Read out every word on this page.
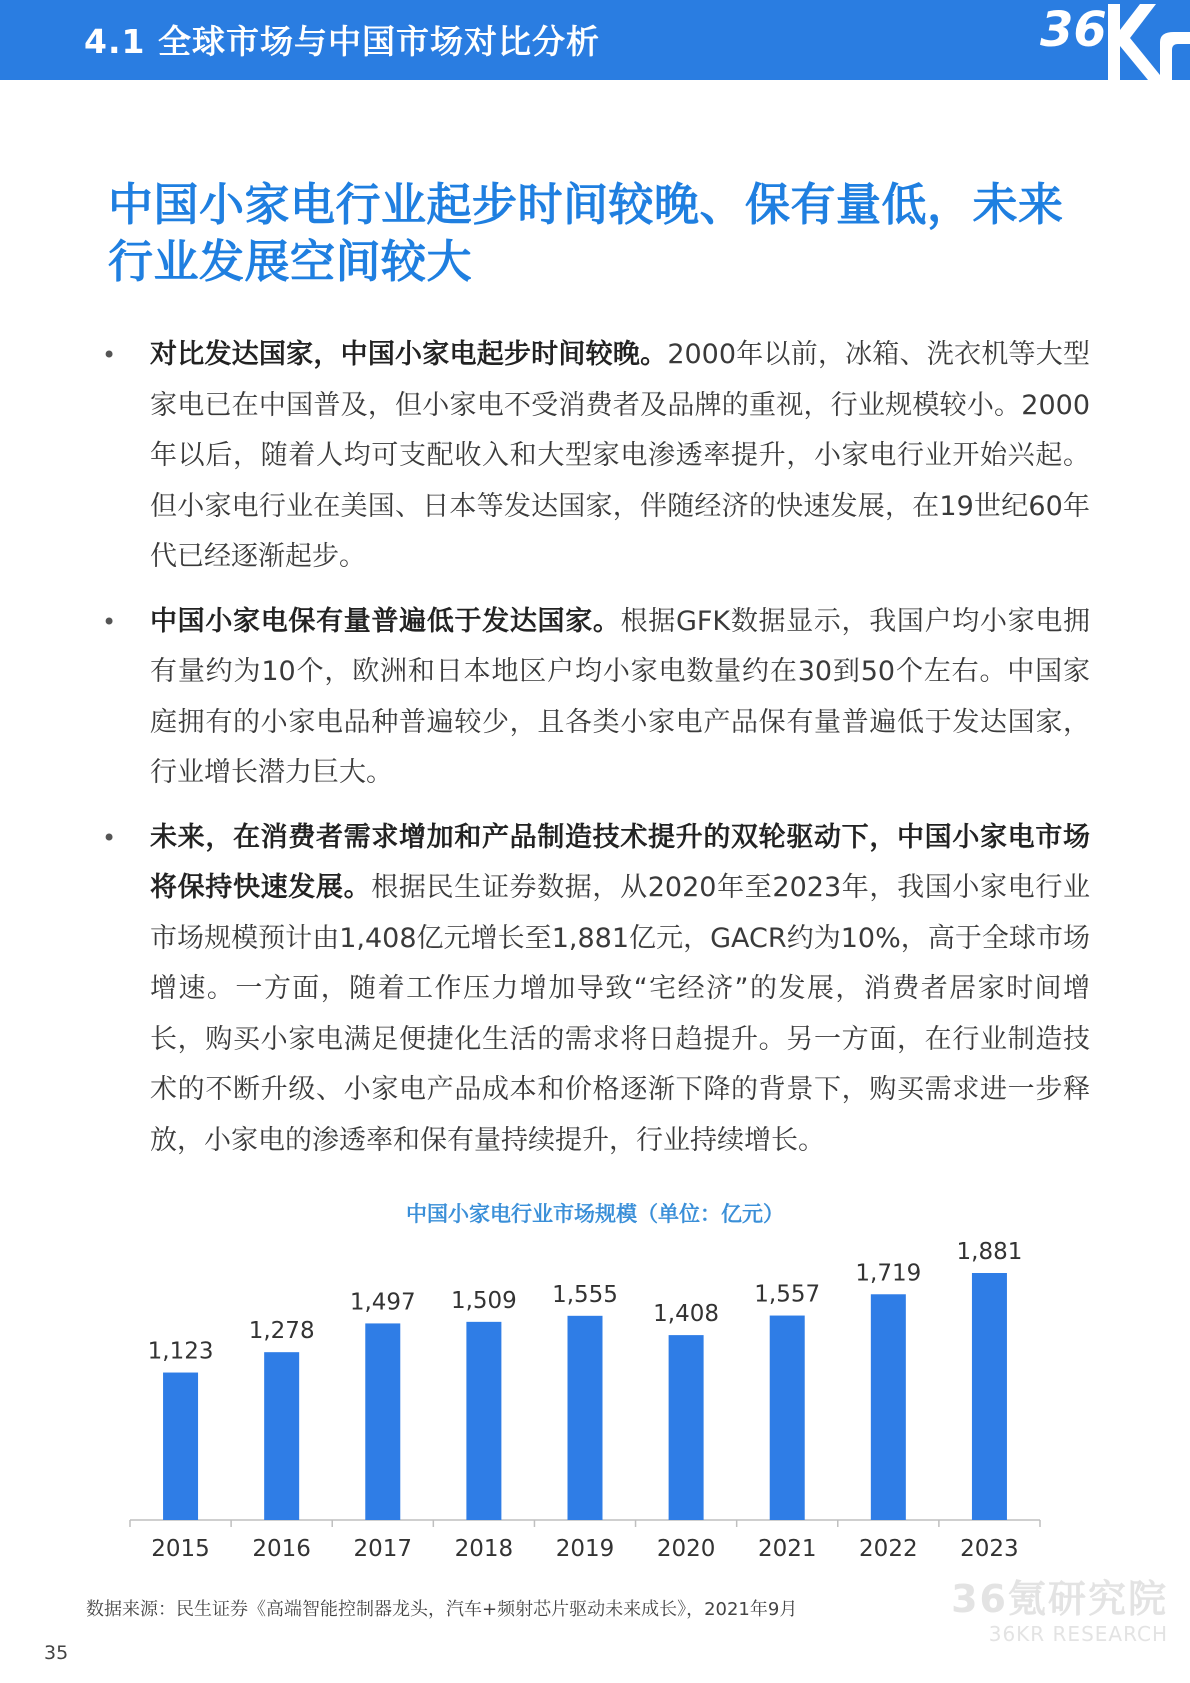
4.1 全球市场与中国市场对比分析	36
中国小家电行业起步时间较晚、保有量低，未来行业发展空间较大
• 对比发达国家，中国小家电起步时间较晚。2000年以前，冰箱、洗衣机等大型家电已在中国普及，但小家电不受消费者及品牌的重视，行业规模较小。2000年以后，随着人均可支配收入和大型家电渗透率提升，小家电行业开始兴起。但小家电行业在美国、日本等发达国家，伴随经济的快速发展，在19世纪60年代已经逐渐起步。
• 中国小家电保有量普遍低于发达国家。根据GFK数据显示，我国户均小家电拥有量约为10个，欧洲和日本地区户均小家电数量约在30到50个左右。中国家庭拥有的小家电品种普遍较少，且各类小家电产品保有量普遍低于发达国家，行业增长潜力巨大。
• 未来，在消费者需求增加和产品制造技术提升的双轮驱动下，中国小家电市场将保持快速发展。根据民生证券数据，从2020年至2023年，我国小家电行业市场规模预计由1,408亿元增长至1,881亿元，GACR约为10%，高于全球市场增速。一方面，随着工作压力增加导致“宅经济”的发展，消费者居家时间增长，购买小家电满足便捷化生活的需求将日趋提升。另一方面，在行业制造技术的不断升级、小家电产品成本和价格逐渐下降的背景下，购买需求进一步释放，小家电的渗透率和保有量持续提升，行业持续增长。
中国小家电行业市场规模（单位：亿元）
1,123
2015
1,278
2016
1,497
2017
1,509
2018
1,555
2019
1,408
2020
1,557
2021
1,719
2022
1,881
2023
数据来源：民生证券《高端智能控制器龙头，汽车+频射芯片驱动未来成长》，2021年9月	36氪研究院
36KR RESEARCH
35
